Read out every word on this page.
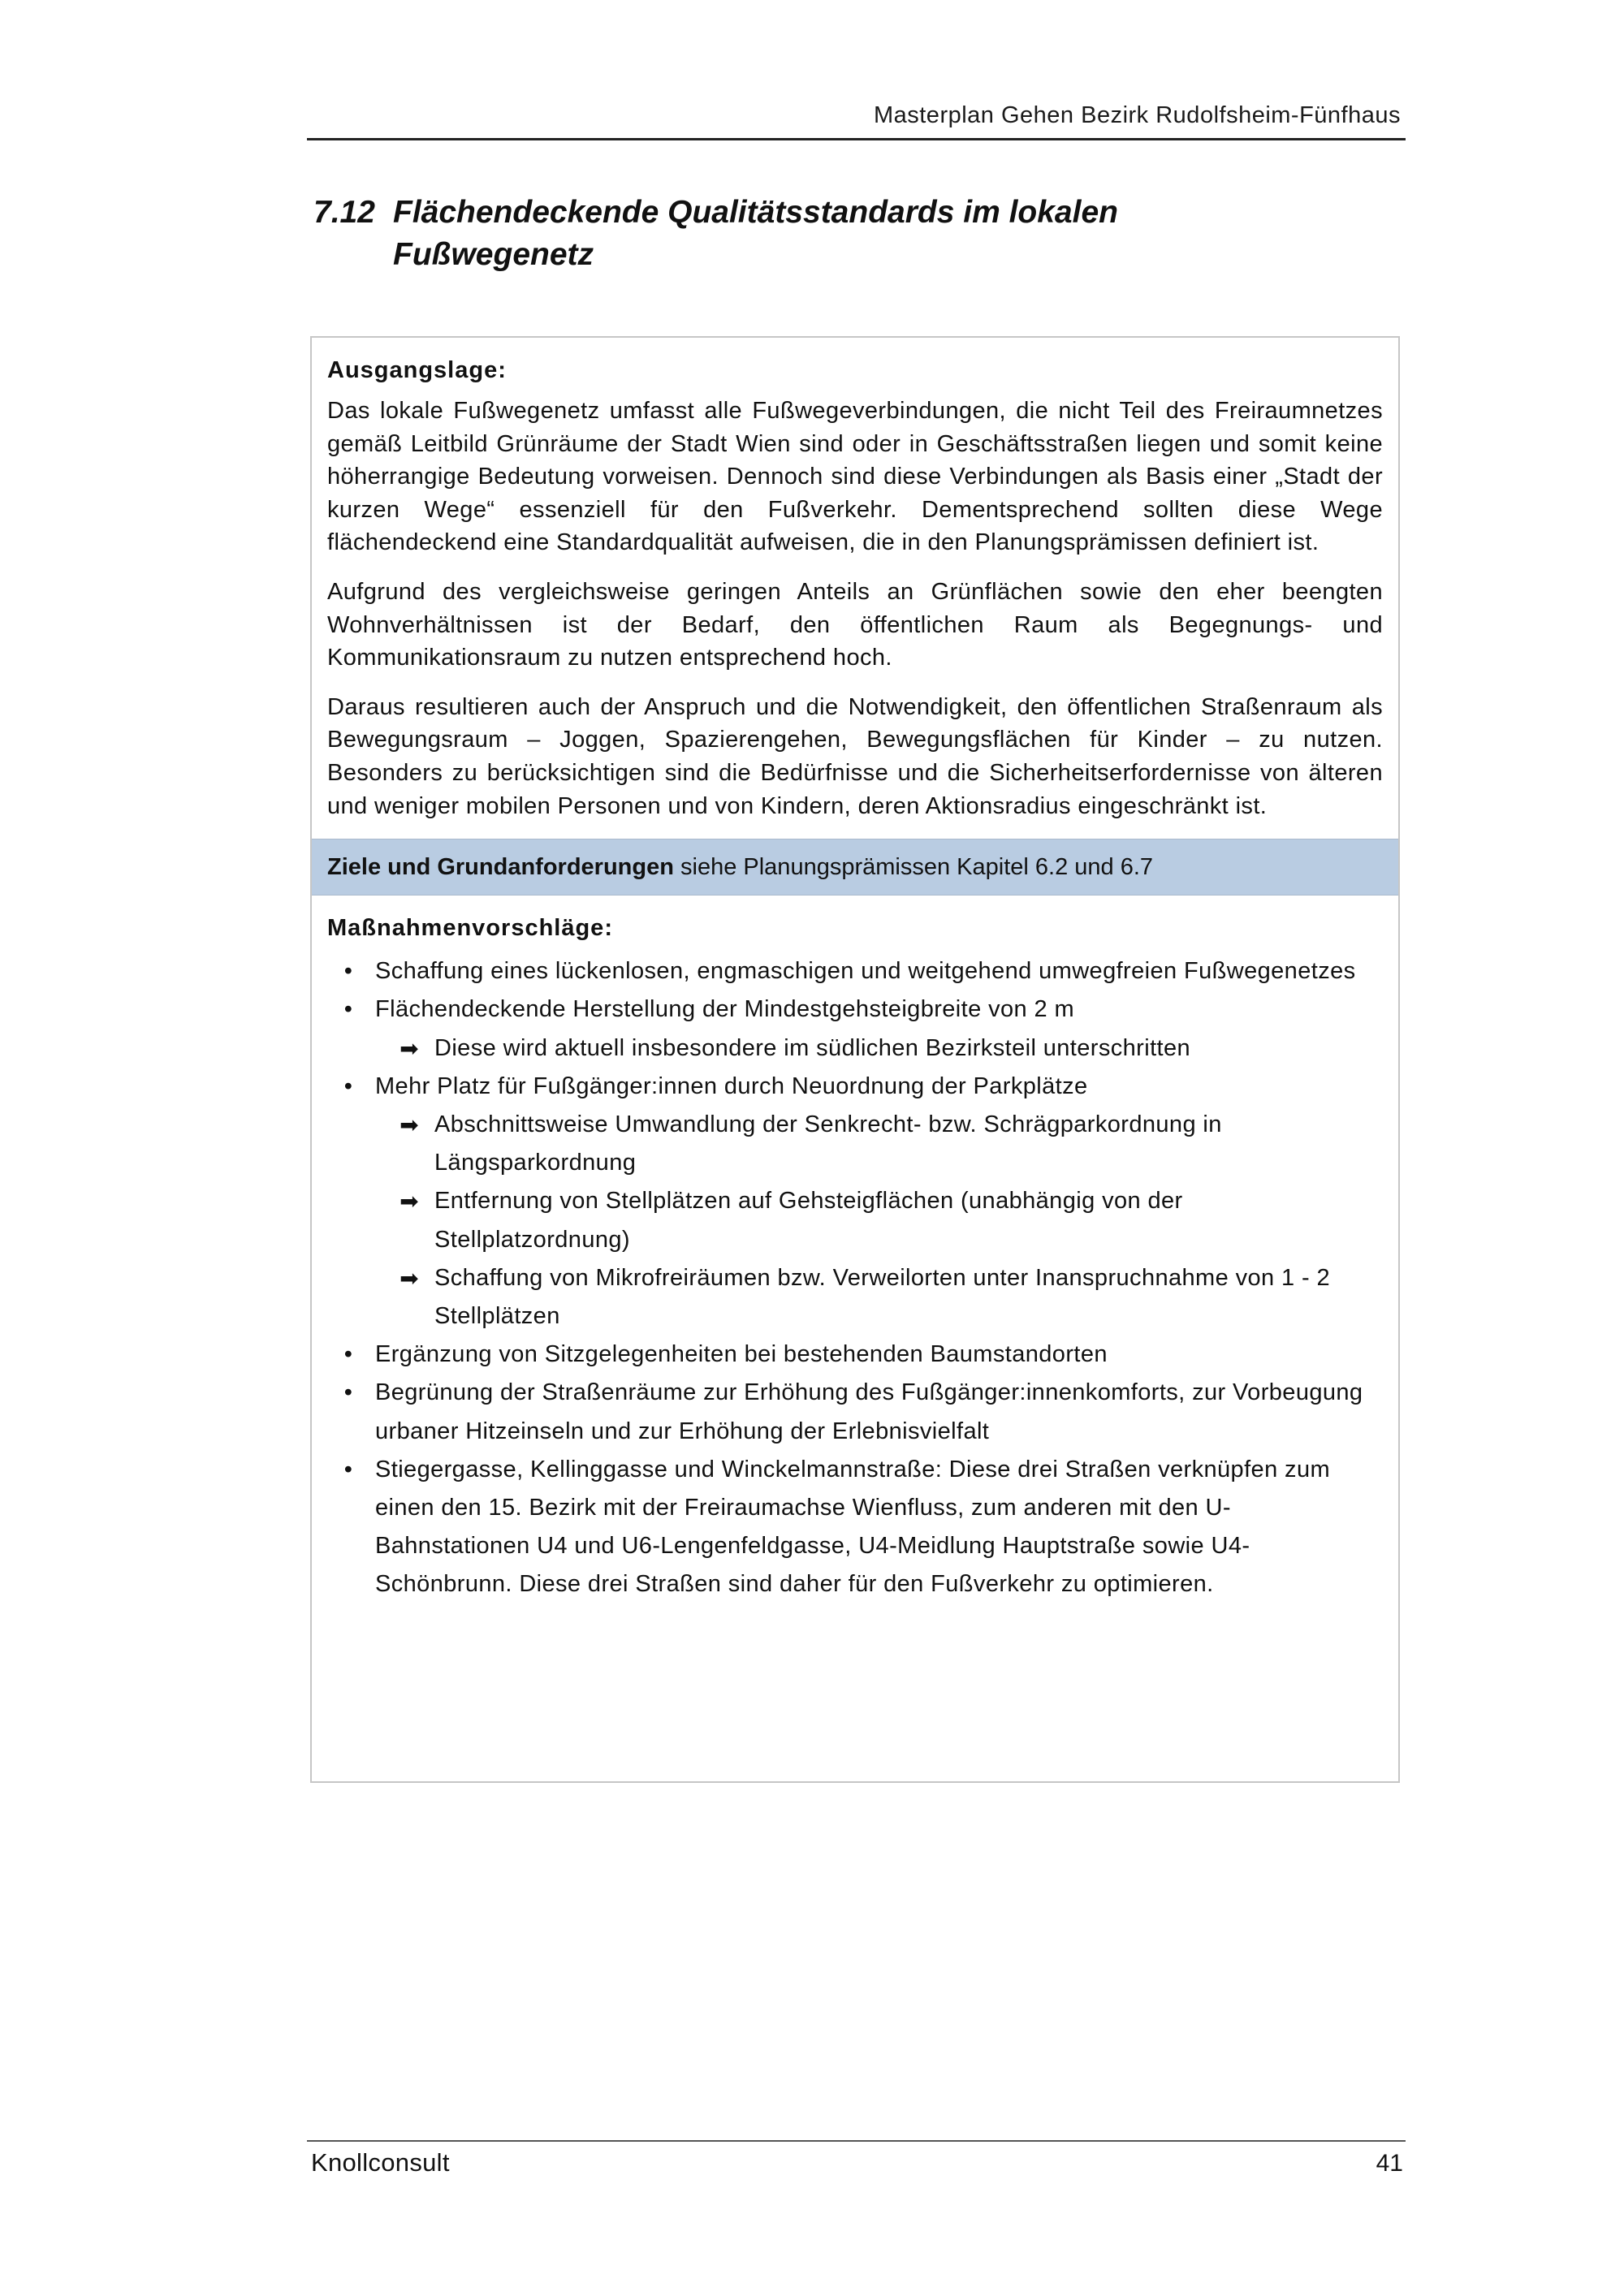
Masterplan Gehen Bezirk Rudolfsheim-Fünfhaus
7.12 Flächendeckende Qualitätsstandards im lokalen
Fußwegenetz
Ausgangslage:

Das lokale Fußwegenetz umfasst alle Fußwegeverbindungen, die nicht Teil des Freiraumnetzes gemäß Leitbild Grünräume der Stadt Wien sind oder in Geschäftsstraßen liegen und somit keine höherrangige Bedeutung vorweisen. Dennoch sind diese Verbindungen als Basis einer „Stadt der kurzen Wege“ essenziell für den Fußverkehr. Dementsprechend sollten diese Wege flächendeckend eine Standardqualität aufweisen, die in den Planungsprämissen definiert ist.

Aufgrund des vergleichsweise geringen Anteils an Grünflächen sowie den eher beengten Wohnverhältnissen ist der Bedarf, den öffentlichen Raum als Begegnungs- und Kommunikationsraum zu nutzen entsprechend hoch.

Daraus resultieren auch der Anspruch und die Notwendigkeit, den öffentlichen Straßenraum als Bewegungsraum – Joggen, Spazierengehen, Bewegungsflächen für Kinder – zu nutzen. Besonders zu berücksichtigen sind die Bedürfnisse und die Sicherheitserfordernisse von älteren und weniger mobilen Personen und von Kindern, deren Aktionsradius eingeschränkt ist.

Ziele und Grundanforderungen siehe Planungsprämissen Kapitel 6.2 und 6.7
Maßnahmenvorschläge:
• Schaffung eines lückenlosen, engmaschigen und weitgehend umwegfreien Fußwegenetzes
• Flächendeckende Herstellung der Mindestgehsteigbreite von 2 m
➡ Diese wird aktuell insbesondere im südlichen Bezirksteil unterschritten
• Mehr Platz für Fußgänger:innen durch Neuordnung der Parkplätze
➡ Abschnittsweise Umwandlung der Senkrecht- bzw. Schrägparkordnung in Längsparkordnung
➡ Entfernung von Stellplätzen auf Gehsteigflächen (unabhängig von der Stellplatzordnung)
➡ Schaffung von Mikrofreiräumen bzw. Verweilorten unter Inanspruchnahme von 1 - 2 Stellplätzen
• Ergänzung von Sitzgelegenheiten bei bestehenden Baumstandorten
• Begrünung der Straßenräume zur Erhöhung des Fußgänger:innenkomforts, zur Vorbeugung urbaner Hitzeinseln und zur Erhöhung der Erlebnisvielfalt
• Stiegergasse, Kellinggasse und Winckelmannstraße: Diese drei Straßen verknüpfen zum einen den 15. Bezirk mit der Freiraumachse Wienfluss, zum anderen mit den U-Bahnstationen U4 und U6-Lengenfeldgasse, U4-Meidlung Hauptstraße sowie U4-Schönbrunn. Diese drei Straßen sind daher für den Fußverkehr zu optimieren.
Knollconsult	41
